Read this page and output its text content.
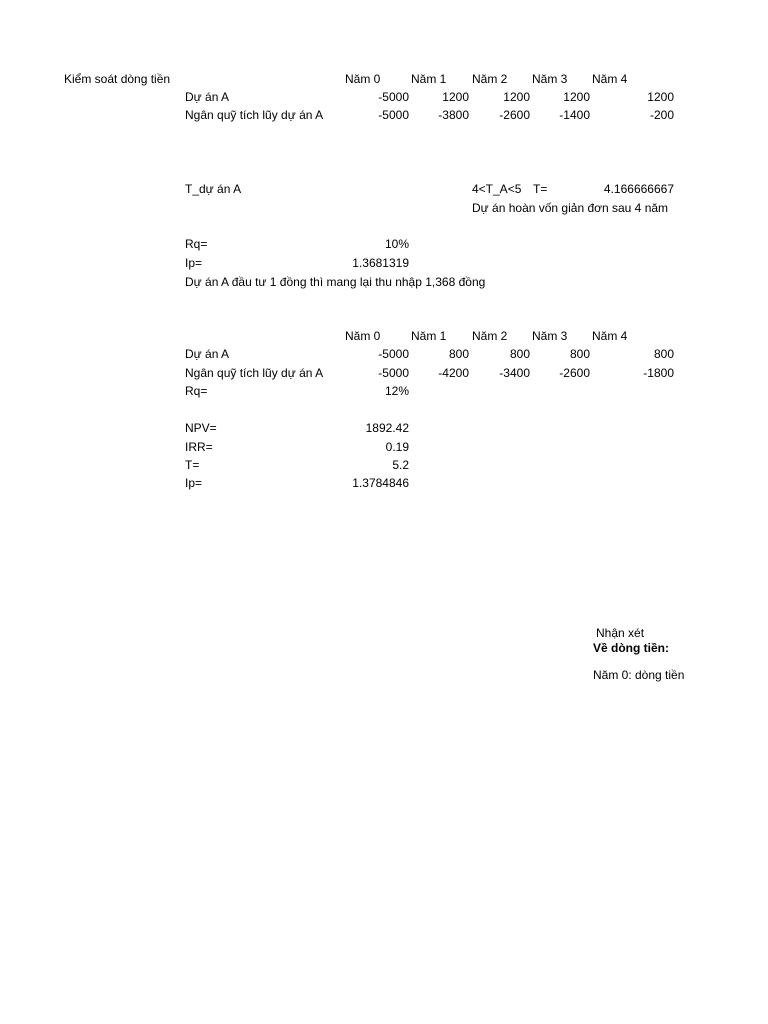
Kiểm soát dòng tiền	Năm 0	Năm 1 Năm 2 Năm 3 Năm 4
Dự án A	-5000	1200	1200	1200	1200
Ngân quỹ tích lũy dự án A	-5000	-3800	-2600	-1400	-200
T_dự án A	4<T_A<5 T=	4.166666667
Dự án hoàn vốn giản đơn sau 4 năm
Rq=	10%
Ip=	1.3681319
Dự án A đầu tư 1 đồng thì mang lại thu nhập 1,368 đồng
Năm 0	Năm 1 Năm 2 Năm 3 Năm 4
Dự án A	-5000	800	800	800	800
Ngân quỹ tích lũy dự án A	-5000	-4200	-3400	-2600	-1800
Rq=	12%
NPV=	1892.42
IRR=	0.19
T=	5.2
Ip=	1.3784846
Nhận xét
Về dòng tiền:
Năm 0: dòng tiền
